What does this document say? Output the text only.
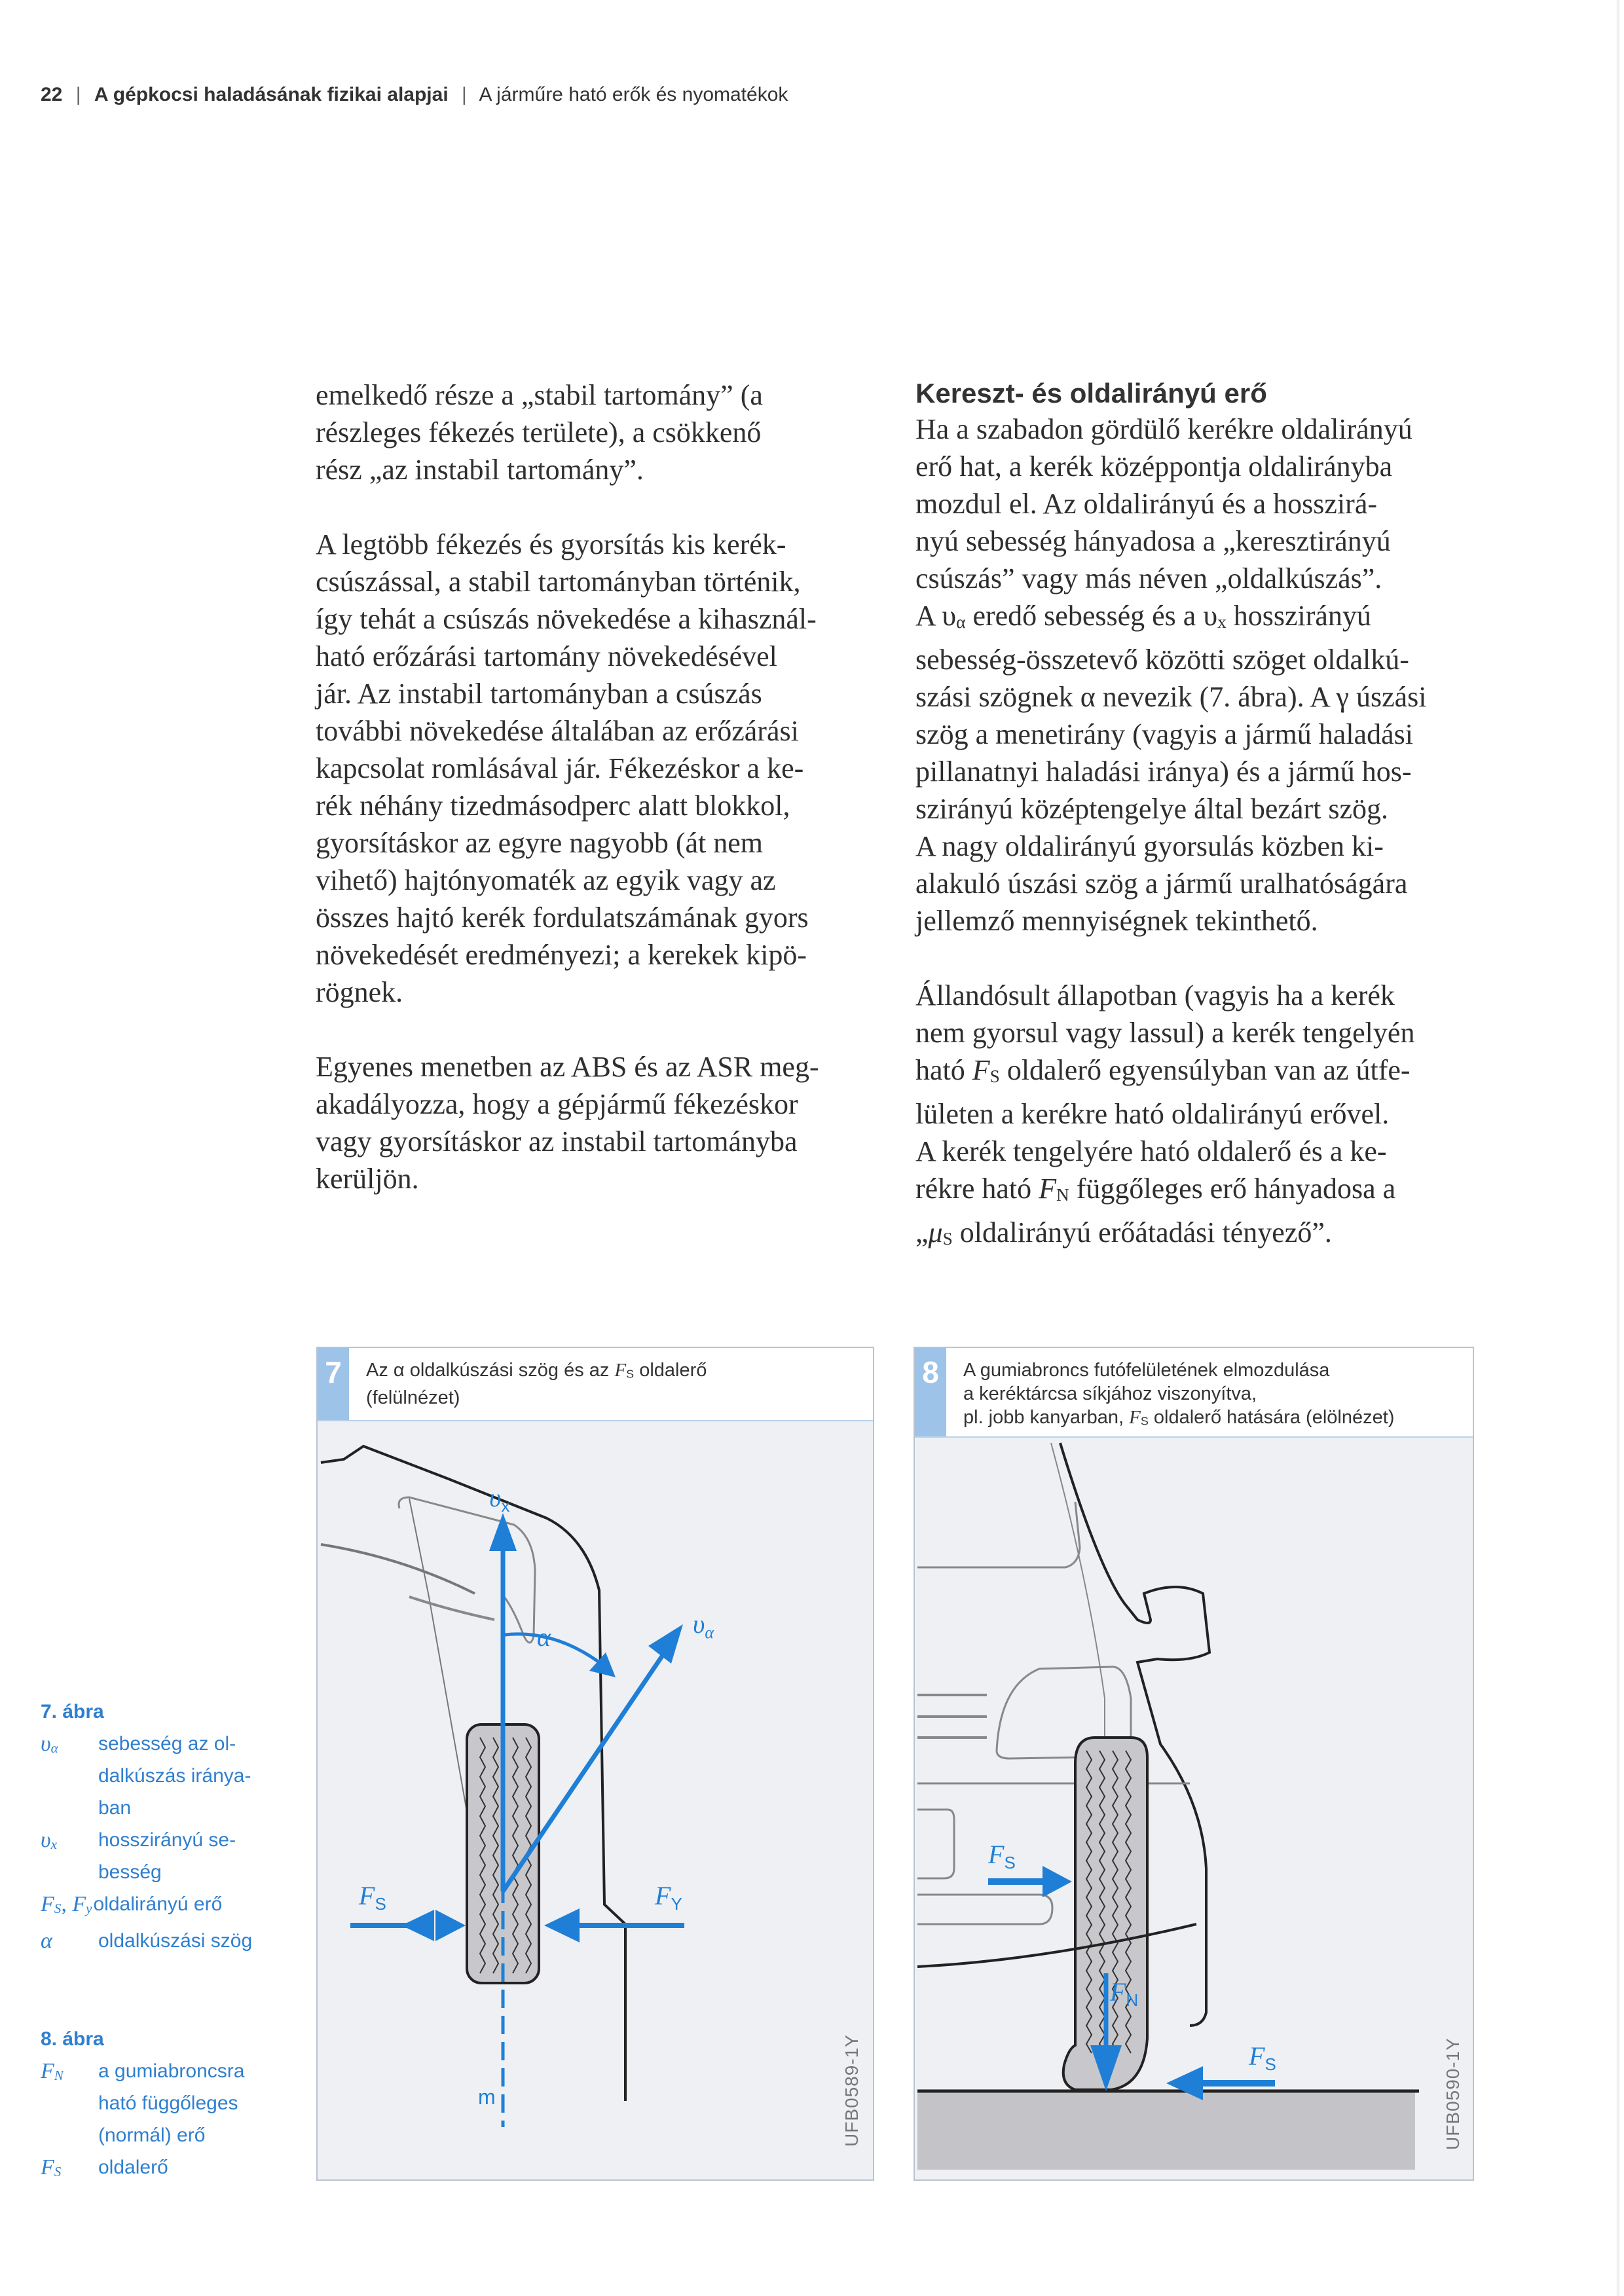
22 | A gépkocsi haladásának fizikai alapjai | A járműre ható erők és nyomatékok

emelkedő része a „stabil tartomány” (a
részleges fékezés területe), a csökkenő
rész „az instabil tartomány”.

A legtöbb fékezés és gyorsítás kis kerék-
csúszással, a stabil tartományban történik,
így tehát a csúszás növekedése a kihasznál-
ható erőzárási tartomány növekedésével
jár. Az instabil tartományban a csúszás
további növekedése általában az erőzárási
kapcsolat romlásával jár. Fékezéskor a ke-
rék néhány tizedmásodperc alatt blokkol,
gyorsításkor az egyre nagyobb (át nem
vihető) hajtónyomaték az egyik vagy az
összes hajtó kerék fordulatszámának gyors
növekedését eredményezi; a kerekek kipö-
rögnek.

Egyenes menetben az ABS és az ASR meg-
akadályozza, hogy a gépjármű fékezéskor
vagy gyorsításkor az instabil tartományba
kerüljön.

Kereszt- és oldalirányú erő

Ha a szabadon gördülő kerékre oldalirányú
erő hat, a kerék középpontja oldalirányba
mozdul el. Az oldalirányú és a hosszirá-
nyú sebesség hányadosa a „keresztirányú
csúszás” vagy más néven „oldalkúszás”.
A υα eredő sebesség és a υx hosszirányú
sebesség-összetevő közötti szöget oldalkú-
szási szögnek α nevezik (7. ábra). A γ úszási
szög a menetirány (vagyis a jármű haladási
pillanatnyi haladási iránya) és a jármű hos-
szirányú középtengelye által bezárt szög.
A nagy oldalirányú gyorsulás közben ki-
alakuló úszási szög a jármű uralhatóságára
jellemző mennyiségnek tekinthető.

Állandósult állapotban (vagyis ha a kerék
nem gyorsul vagy lassul) a kerék tengelyén
ható FS oldalerő egyensúlyban van az útfe-
lületen a kerékre ható oldalirányú erővel.
A kerék tengelyére ható oldalerő és a ke-
rékre ható FN függőleges erő hányadosa a
„μS oldalirányú erőátadási tényező”.

7	Az α oldalkúszási szög és az FS oldalerő
(felülnézet)
$\upsilon_x$
α	$\upsilon_\alpha$
$F_S$	$F_Y$
m	UFB0589-1Y
8	A gumiabroncs futófelületének elmozdulása
a keréktárcsa síkjához viszonyítva,
pl. jobb kanyarban, FS oldalerő hatására (elölnézet)
$F_S$
$F_N$
$F_S$	UFB0590-1Y
7. ábra
υα	sebesség az ol-
dalkúszás iránya-
ban
υx	hosszirányú se-
besség
FS, Fy oldalirányú erő
α	oldalkúszási szög
8. ábra
FN	a gumiabroncsra
ható függőleges
(normál) erő
FS	oldalerő
